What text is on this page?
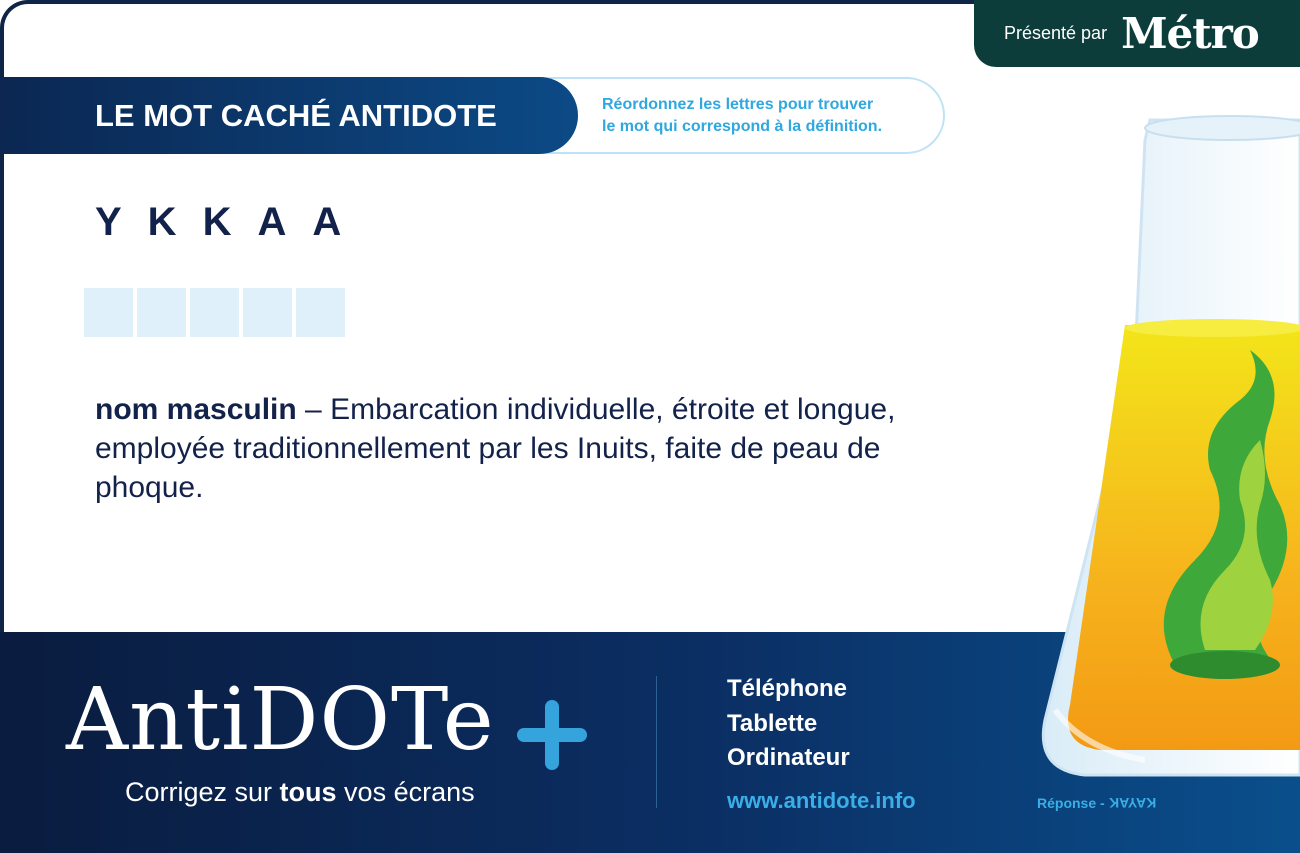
Présenté par Métro
Réordonnez les lettres pour trouver
le mot qui correspond à la définition.
LE MOT CACHÉ ANTIDOTE
YKKAA
nom masculin – Embarcation individuelle, étroite et longue, employée traditionnellement par les Inuits, faite de peau de phoque.
AntiDOTe
Corrigez sur tous vos écrans
Téléphone
Tablette
Ordinateur
www.antidote.info	Réponse - KAYAK
